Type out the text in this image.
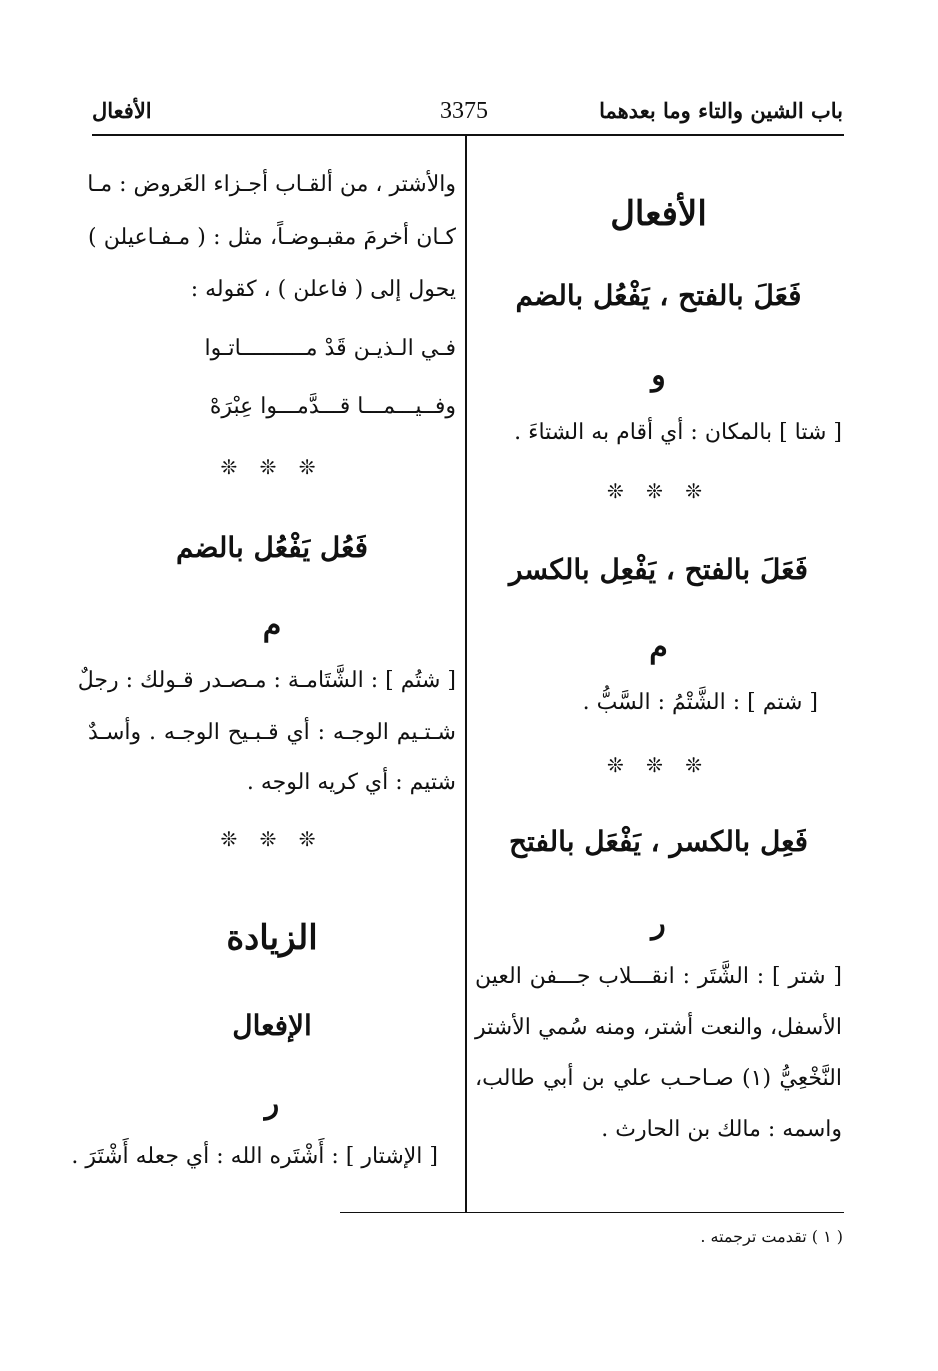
باب الشين والتاء وما بعدهما
3375
الأفعال
الأفعال
فَعَلَ بالفتح ، يَفْعُل بالضم
و
[ شتا ] بالمكان : أي أقام به الشتاءَ .
❊ ❊ ❊
فَعَلَ بالفتح ، يَفْعِل بالكسر
م
[ شتم ] : الشَّتْمُ : السَّبُّ .
❊ ❊ ❊
فَعِل بالكسر ، يَفْعَل بالفتح
ر
[ شتر ] : الشَّتَر : انقـــلاب جـــفن العين
الأسفل، والنعت أشتر، ومنه سُمي الأشتر
النَّخْعِيُّ (١) صـاحـب علي بن أبي طالب،
واسمه : مالك بن الحارث .
والأشتر ، من ألقـاب أجـزاء العَروض : مـا
كـان أخرمَ مقبـوضـاً، مثل : ( مـفـاعيلن )
يحول إلى ( فاعلن ) ، كقوله :
فـي الـذيـن قَدْ مــــــــــاتـوا
وفــيـــمـــا قـــدَّمـــوا عِبْرَهْ
❊ ❊ ❊
فَعُل يَفْعُل بالضم
م
[ شتُم ] : الشَّتَامـة : مـصـدر قـولك : رجلٌ
شـتـيم الوجـه : أي قـبـيح الوجـه . وأسـدٌ
شتيم : أي كريه الوجه .
❊ ❊ ❊
الزيادة
الإفعال
ر
[ الإشتار ] : أَشْتَره الله : أي جعله أَشْتَرَ .
( ١ ) تقدمت ترجمته .
